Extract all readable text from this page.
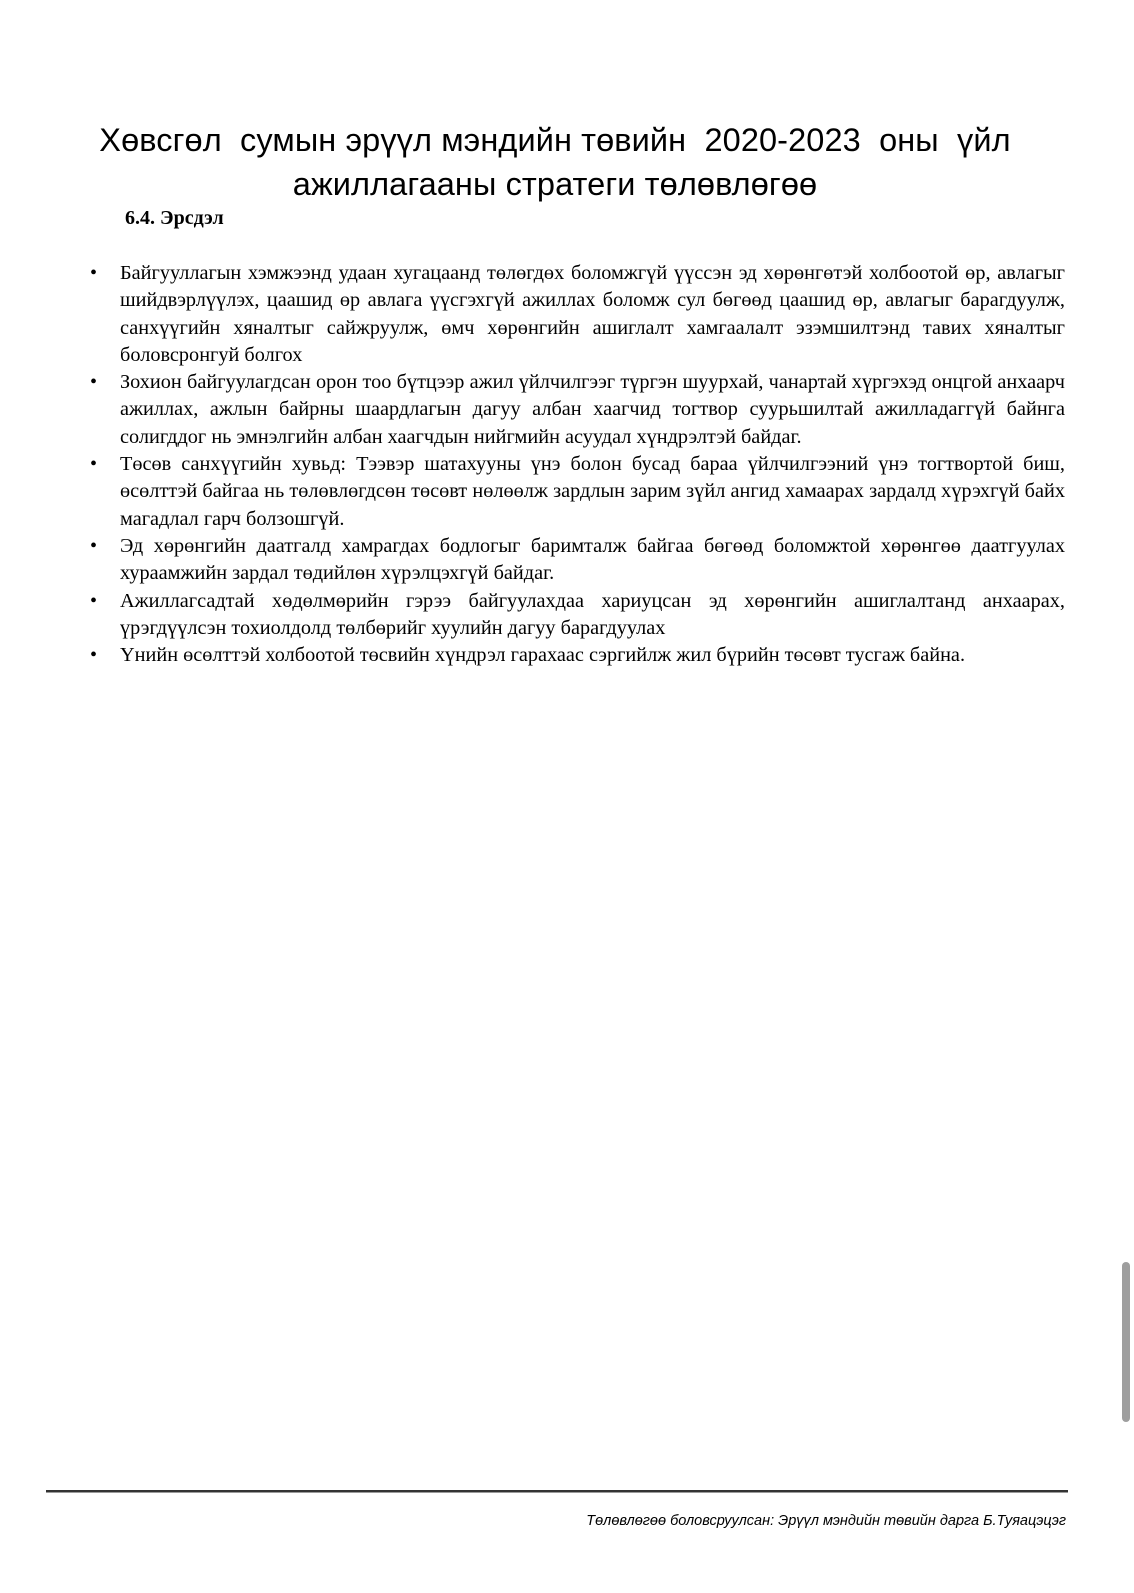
Хөвсгөл  сумын эрүүл мэндийн төвийн  2020-2023  оны  үйл
ажиллагааны стратеги төлөвлөгөө
6.4. Эрсдэл
•	Байгууллагын хэмжээнд удаан хугацаанд төлөгдөх боломжгүй үүссэн эд хөрөнгөтэй холбоотой өр, авлагыг шийдвэрлүүлэх, цаашид өр авлага үүсгэхгүй ажиллах боломж сул бөгөөд цаашид өр, авлагыг барагдуулж, санхүүгийн хяналтыг сайжруулж, өмч хөрөнгийн ашиглалт хамгаалалт эзэмшилтэнд тавих хяналтыг боловсронгуй болгох
•	Зохион байгуулагдсан орон тоо бүтцээр ажил үйлчилгээг түргэн шуурхай, чанартай хүргэхэд онцгой анхаарч ажиллах, ажлын байрны шаардлагын дагуу албан хаагчид тогтвор суурьшилтай ажилладаггүй байнга солигддог нь эмнэлгийн албан хаагчдын нийгмийн асуудал хүндрэлтэй байдаг.
•	Төсөв санхүүгийн хувьд: Тээвэр шатахууны үнэ болон бусад бараа үйлчилгээний үнэ тогтвортой биш, өсөлттэй байгаа нь төлөвлөгдсөн төсөвт нөлөөлж зардлын зарим зүйл ангид хамаарах зардалд хүрэхгүй байх магадлал гарч болзошгүй.
•	Эд хөрөнгийн даатгалд хамрагдах бодлогыг баримталж байгаа бөгөөд боломжтой хөрөнгөө даатгуулах хураамжийн зардал төдийлөн хүрэлцэхгүй байдаг.
•	Ажиллагсадтай хөдөлмөрийн гэрээ байгуулахдаа хариуцсан эд хөрөнгийн ашиглалтанд анхаарах, үрэгдүүлсэн тохиолдолд төлбөрийг хуулийн дагуу барагдуулах
•	Үнийн өсөлттэй холбоотой төсвийн хүндрэл гарахаас сэргийлж жил бүрийн төсөвт тусгаж байна.
Төлөвлөгөө боловсруулсан: Эрүүл мэндийн төвийн дарга Б.Туяацэцэг
